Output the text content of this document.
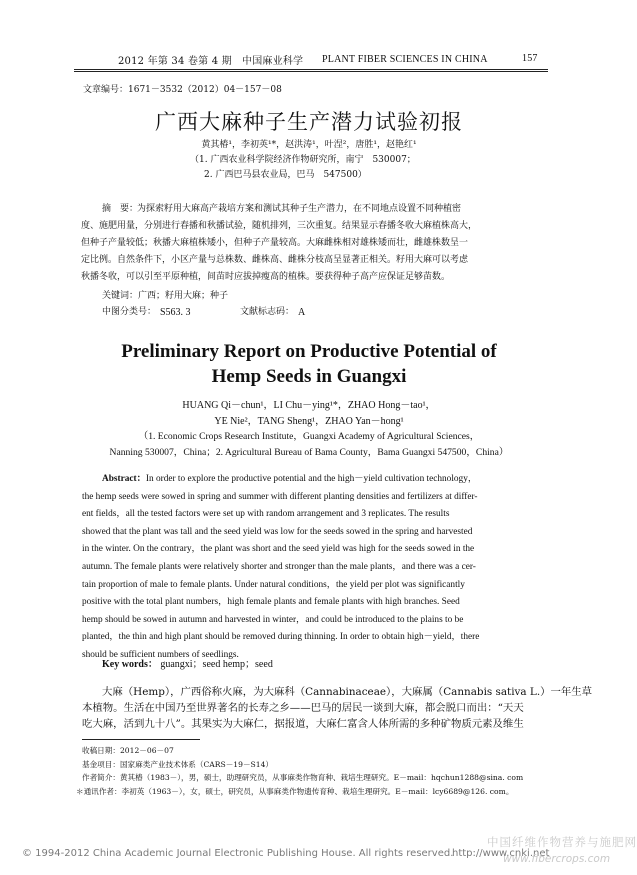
2012 年第 34 卷第 4 期　中国麻业科学 PLANT FIBER SCIENCES IN CHINA	157
文章编号：1671－3532（2012）04－157－08
广西大麻种子生产潜力试验初报
黄其椿¹，李初英¹*，赵洪涛¹，叶涅²，唐胜¹，赵艳红¹
（1. 广西农业科学院经济作物研究所，南宁　530007；
2. 广西巴马县农业局，巴马　547500）
摘　要：
为探索籽用大麻高产栽培方案和测试其种子生产潜力，在不同地点设置不同种植密
度、施肥用量，分别进行春播和秋播试验，随机排列，三次重复。结果显示春播冬收大麻植株高大，
但种子产量较低；秋播大麻植株矮小，但种子产量较高。大麻雌株相对雄株矮而壮，雌雄株数呈一
定比例。自然条件下，小区产量与总株数、雌株高、雌株分枝高呈显著正相关。籽用大麻可以考虑
秋播冬收，可以引至平原种植，间苗时应拔掉瘦高的植株。要获得种子高产应保证足够苗数。
关键词：广西；籽用大麻；种子
中图分类号： S563. 3	文献标志码： A
Preliminary Report on Productive Potential of
Hemp Seeds in Guangxi
HUANG Qi－chun¹，LI Chu－ying¹*，ZHAO Hong－tao¹，
YE Nie²，TANG Sheng¹，ZHAO Yan－hong¹
（1. Economic Crops Research Institute，Guangxi Academy of Agricultural Sciences，
Nanning 530007，China；2. Agricultural Bureau of Bama County，Bama Guangxi 547500，China）
Abstract：In order to explore the productive potential and the high－yield cultivation technology，
the hemp seeds were sowed in spring and summer with different planting densities and fertilizers at differ-
ent fields，all the tested factors were set up with random arrangement and 3 replicates. The results
showed that the plant was tall and the seed yield was low for the seeds sowed in the spring and harvested
in the winter. On the contrary，the plant was short and the seed yield was high for the seeds sowed in the
autumn. The female plants were relatively shorter and stronger than the male plants，and there was a cer-
tain proportion of male to female plants. Under natural conditions，the yield per plot was significantly
positive with the total plant numbers，high female plants and female plants with high branches. Seed
hemp should be sowed in autumn and harvested in winter，and could be introduced to the plains to be
planted，the thin and high plant should be removed during thinning. In order to obtain high－yield，there
should be sufficient numbers of seedlings.
Key words： guangxi；seed hemp；seed
大麻（Hemp），广西俗称火麻，为大麻科（Cannabinaceae），大麻属（Cannabis sativa L.）一年生草
本植物。生活在中国乃至世界著名的长寿之乡——巴马的居民一谈到大麻，都会脱口而出：“天天
吃大麻，活到九十八”。其果实为大麻仁，据报道，大麻仁富含人体所需的多种矿物质元素及维生
收稿日期：2012－06－07
基金项目：国家麻类产业技术体系（CARS－19－S14）
作者简介：黄其椿（1983－），男，硕士，助理研究员，从事麻类作物育种、栽培生理研究。E－mail：hqchun1288@sina. com
＊通讯作者：李初英（1963－），女，硕士，研究员，从事麻类作物遗传育种、栽培生理研究。E－mail：lcy6689@126. com。
© 1994-2012 China Academic Journal Electronic Publishing House. All rights reserved.
http://www.cnki.net
中国纤维作物营养与施肥网
www.fibercrops.com
